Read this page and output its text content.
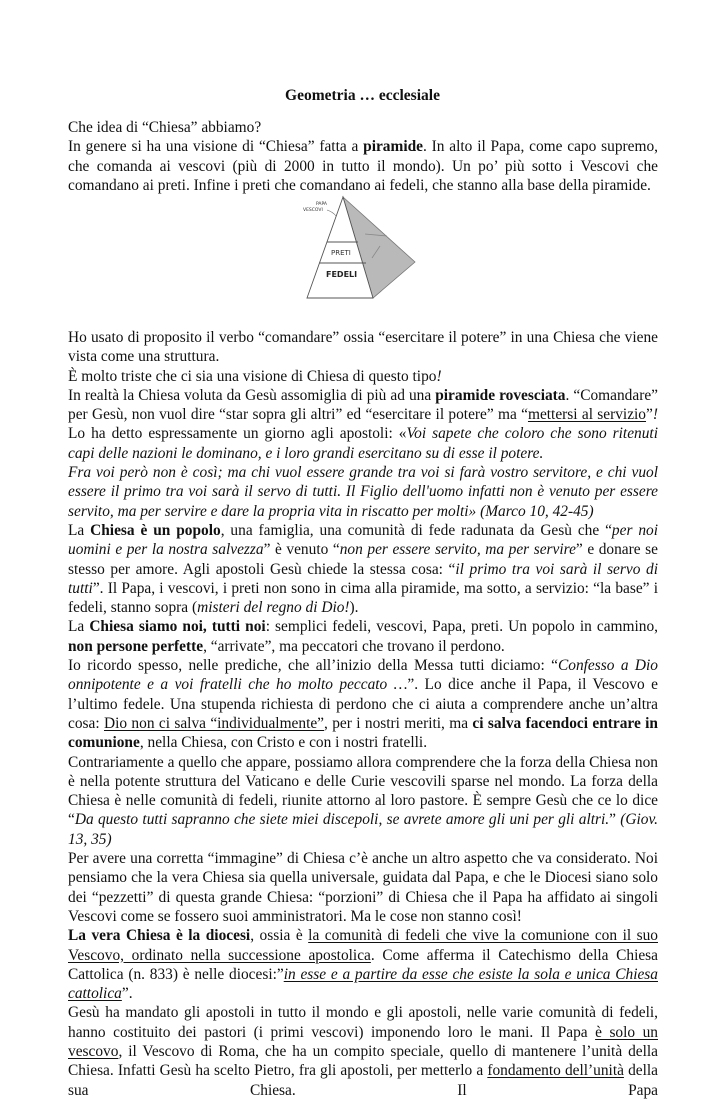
Geometria … ecclesiale

Che idea di “Chiesa” abbiamo?

In genere si ha una visione di “Chiesa” fatta a piramide. In alto il Papa, come capo supremo, che comanda ai vescovi (più di 2000 in tutto il mondo). Un po’ più sotto i Vescovi che comandano ai preti. Infine i preti che comandano ai fedeli, che stanno alla base della piramide.

PAPA
VESCOVI
PRETI
FEDELI

Ho usato di proposito il verbo “comandare” ossia “esercitare il potere” in una Chiesa che viene vista come una struttura.

È molto triste che ci sia una visione di Chiesa di questo tipo!

In realtà la Chiesa voluta da Gesù assomiglia di più ad una piramide rovesciata. “Comandare” per Gesù, non vuol dire “star sopra gli altri” ed “esercitare il potere” ma “mettersi al servizio”! Lo ha detto espressamente un giorno agli apostoli: «Voi sapete che coloro che sono ritenuti capi delle nazioni le dominano, e i loro grandi esercitano su di esse il potere.

Fra voi però non è così; ma chi vuol essere grande tra voi si farà vostro servitore, e chi vuol essere il primo tra voi sarà il servo di tutti. Il Figlio dell'uomo infatti non è venuto per essere servito, ma per servire e dare la propria vita in riscatto per molti» (Marco 10, 42-45)

La Chiesa è un popolo, una famiglia, una comunità di fede radunata da Gesù che “per noi uomini e per la nostra salvezza” è venuto “non per essere servito, ma per servire” e donare se stesso per amore. Agli apostoli Gesù chiede la stessa cosa: “il primo tra voi sarà il servo di tutti”. Il Papa, i vescovi, i preti non sono in cima alla piramide, ma sotto, a servizio: “la base” i fedeli, stanno sopra (misteri del regno di Dio!).

La Chiesa siamo noi, tutti noi: semplici fedeli, vescovi, Papa, preti. Un popolo in cammino, non persone perfette, “arrivate”, ma peccatori che trovano il perdono.

Io ricordo spesso, nelle prediche, che all’inizio della Messa tutti diciamo: “Confesso a Dio onnipotente e a voi fratelli che ho molto peccato …”. Lo dice anche il Papa, il Vescovo e l’ultimo fedele. Una stupenda richiesta di perdono che ci aiuta a comprendere anche un’altra cosa: Dio non ci salva “individualmente”, per i nostri meriti, ma ci salva facendoci entrare in comunione, nella Chiesa, con Cristo e con i nostri fratelli.

Contrariamente a quello che appare, possiamo allora comprendere che la forza della Chiesa non è nella potente struttura del Vaticano e delle Curie vescovili sparse nel mondo. La forza della Chiesa è nelle comunità di fedeli, riunite attorno al loro pastore. È sempre Gesù che ce lo dice “Da questo tutti sapranno che siete miei discepoli, se avrete amore gli uni per gli altri.” (Giov. 13, 35)

Per avere una corretta “immagine” di Chiesa c’è anche un altro aspetto che va considerato. Noi pensiamo che la vera Chiesa sia quella universale, guidata dal Papa, e che le Diocesi siano solo dei “pezzetti” di questa grande Chiesa: “porzioni” di Chiesa che il Papa ha affidato ai singoli Vescovi come se fossero suoi amministratori. Ma le cose non stanno così!

La vera Chiesa è la diocesi, ossia è la comunità di fedeli che vive la comunione con il suo Vescovo, ordinato nella successione apostolica. Come afferma il Catechismo della Chiesa Cattolica (n. 833) è nelle diocesi:”in esse e a partire da esse che esiste la sola e unica Chiesa cattolica”.

Gesù ha mandato gli apostoli in tutto il mondo e gli apostoli, nelle varie comunità di fedeli, hanno costituito dei pastori (i primi vescovi) imponendo loro le mani. Il Papa è solo un vescovo, il Vescovo di Roma, che ha un compito speciale, quello di mantenere l’unità della Chiesa. Infatti Gesù ha scelto Pietro, fra gli apostoli, per metterlo a fondamento dell’unità della sua Chiesa. Il Papa
